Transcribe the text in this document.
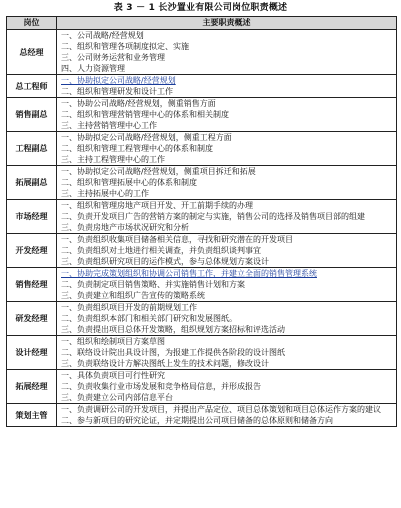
表 3 － 1 长沙置业有限公司岗位职责概述
岗位	主要职责概述
总经理	一、公司战略/经营规划
二、组织和管理各项制度拟定、实施
三、公司财务运营和业务管理
四、人力资源管理

总工程师	一、协助拟定公司战略/经营规划
二、组织和管理研发和设计工作

销售副总	一、协助公司战略/经营规划，侧重销售方面
二、组织和管理营销管理中心的体系和相关制度
三、主持营销管理中心工作

工程副总	一、协助拟定公司战略/经营规划，侧重工程方面
二、组织和管理工程管理中心的体系和制度
三、主持工程管理中心的工作

拓展副总	一、协助拟定公司战略/经营规划，侧重项目拆迁和拓展
二、组织和管理拓展中心的体系和制度
三、主持拓展中心的工作

市场经理	一、组织和管理房地产项目开发、开工前期手续的办理
二、负责开发项目广告的营销方案的制定与实施，销售公司的选择及销售项目部的组建
三、负责房地产市场状况研究和分析

开发经理	一、负责组织收集项目储备相关信息，寻找和研究潜在的开发项目
二、负责组织对土地进行相关调查，并负责组织谈判事宜
三、负责组织研究项目的运作模式，参与总体规划方案设计

销售经理	一、协助完成策划组织和协调公司销售工作，并建立全面的销售管理系统
二、负责制定项目销售策略、并实施销售计划和方案
三、负责建立和组织广告宣传的策略系统

研发经理	一、负责组织项目开发的前期规划工作
二、负责组织本部门和相关部门研究和发展图纸。
三、负责提出项目总体开发策略，组织规划方案招标和评选活动

设计经理	一、组织和绘制项目方案草图
二、联络设计院出具设计图，为报建工作提供各阶段的设计图纸
三、负责联络设计方解决图纸上发生的技术问题，修改设计

拓展经理	一、具体负责项目可行性研究
二、负责收集行业市场发展和竞争格局信息，并形成报告
三、负责建立公司内部信息平台

策划主管	一、负责调研公司的开发项目，并提出产品定位、项目总体策划和项目总体运作方案的建议
二、参与新项目的研究论证，并定期提出公司项目储备的总体原则和储备方向
